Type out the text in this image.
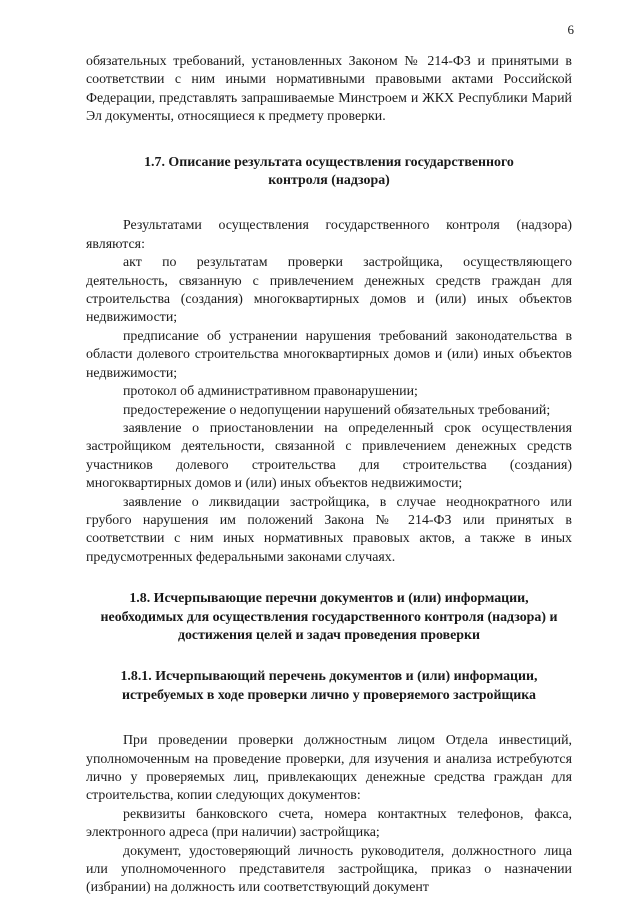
6

обязательных требований, установленных Законом № 214-ФЗ и принятыми в соответствии с ним иными нормативными правовыми актами Российской Федерации, представлять запрашиваемые Минстроем и ЖКХ Республики Марий Эл документы, относящиеся к предмету проверки.

1.7. Описание результата осуществления государственного контроля (надзора)

Результатами осуществления государственного контроля (надзора) являются:

акт по результатам проверки застройщика, осуществляющего деятельность, связанную с привлечением денежных средств граждан для строительства (создания) многоквартирных домов и (или) иных объектов недвижимости;

предписание об устранении нарушения требований законодательства в области долевого строительства многоквартирных домов и (или) иных объектов недвижимости;

протокол об административном правонарушении;

предостережение о недопущении нарушений обязательных требований;

заявление о приостановлении на определенный срок осуществления застройщиком деятельности, связанной с привлечением денежных средств участников долевого строительства для строительства (создания) многоквартирных домов и (или) иных объектов недвижимости;

заявление о ликвидации застройщика, в случае неоднократного или грубого нарушения им положений Закона № 214-ФЗ или принятых в соответствии с ним иных нормативных правовых актов, а также в иных предусмотренных федеральными законами случаях.

1.8. Исчерпывающие перечни документов и (или) информации, необходимых для осуществления государственного контроля (надзора) и достижения целей и задач проведения проверки
1.8.1. Исчерпывающий перечень документов и (или) информации, истребуемых в ходе проверки лично у проверяемого застройщика

При проведении проверки должностным лицом Отдела инвестиций, уполномоченным на проведение проверки, для изучения и анализа истребуются лично у проверяемых лиц, привлекающих денежные средства граждан для строительства, копии следующих документов:

реквизиты банковского счета, номера контактных телефонов, факса, электронного адреса (при наличии) застройщика;

документ, удостоверяющий личность руководителя, должностного лица или уполномоченного представителя застройщика, приказ о назначении (избрании) на должность или соответствующий документ
